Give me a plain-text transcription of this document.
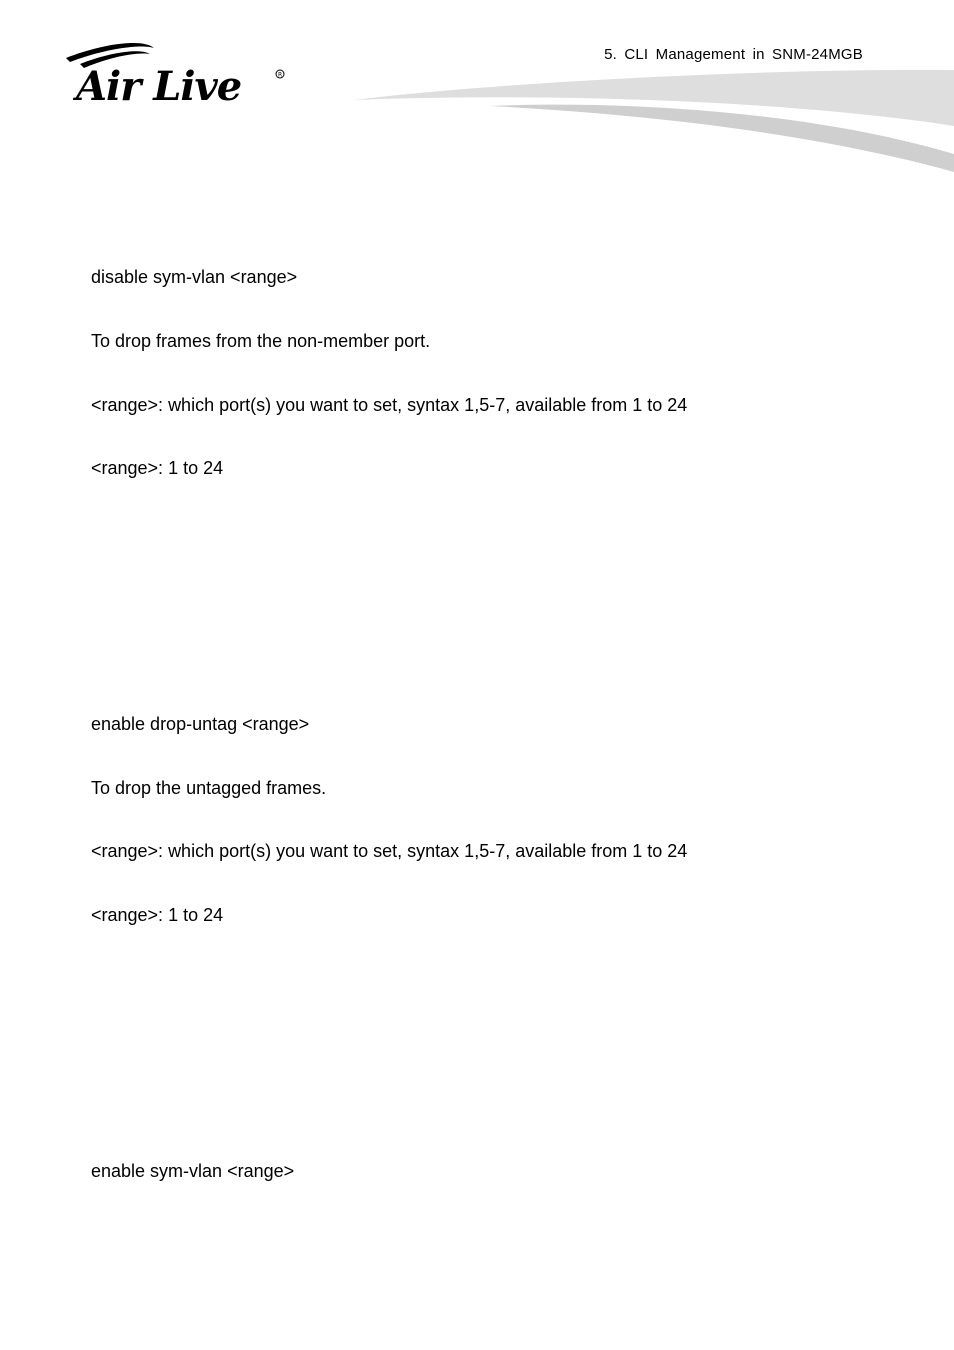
Air Live	R
5. CLI Management in SNM-24MGB
disable sym-vlan <range>
To drop frames from the non-member port.
<range>: which port(s) you want to set, syntax 1,5-7, available from 1 to 24
<range>: 1 to 24
enable drop-untag <range>
To drop the untagged frames.
<range>: which port(s) you want to set, syntax 1,5-7, available from 1 to 24
<range>: 1 to 24
enable sym-vlan <range>
